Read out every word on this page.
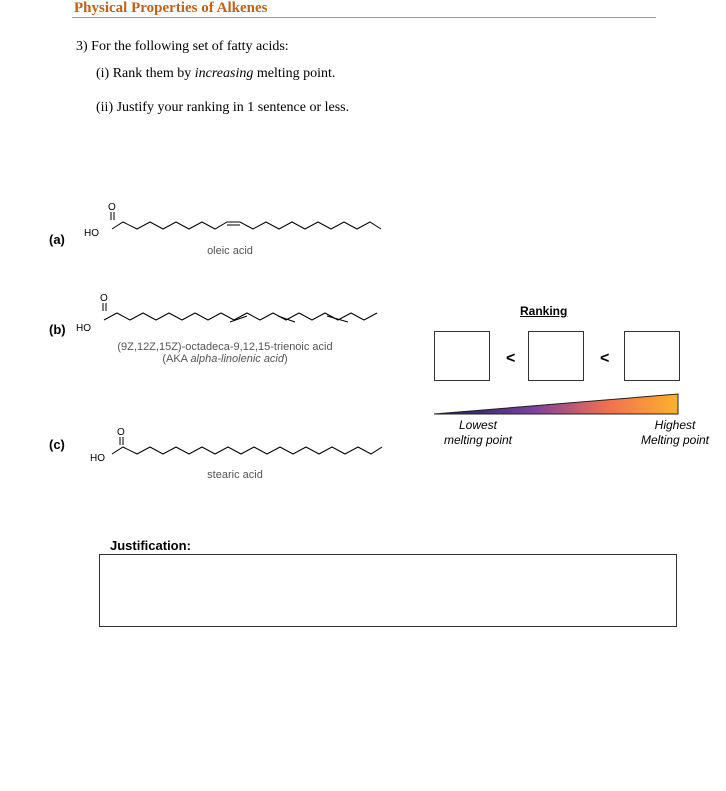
Physical Properties of Alkenes
3) For the following set of fatty acids:
(i) Rank them by increasing melting point.
(ii) Justify your ranking in 1 sentence or less.
(a)
(b)
(c)
HO
O
HO
O
HO
O
oleic acid
(9Z,12Z,15Z)-octadeca-9,12,15-trienoic acid
(AKA alpha-linolenic acid)
stearic acid
Ranking
<	<
Lowest
melting point
Highest
Melting point
Justification:
